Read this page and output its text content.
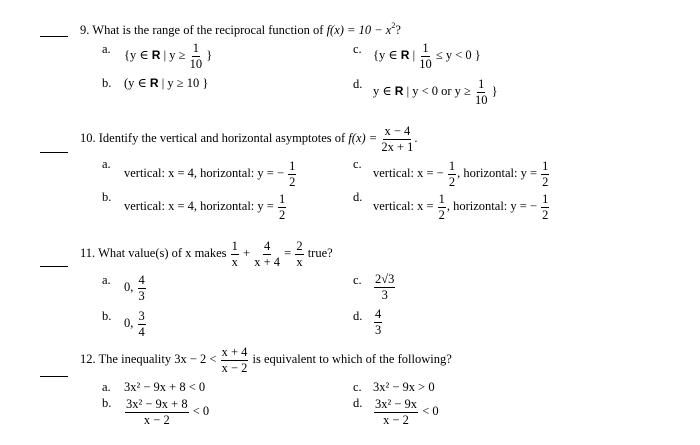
9. What is the range of the reciprocal function of $f(x) = 10 - x^2$?
a. {y ∈ R | $y \ge \frac{1}{10}$ }
b. (y ∈ R | y ≥ 10 }
c. {y ∈ R | $\frac{1}{10} \le y < 0$ }
d. y ∈ R | y < 0 or $y \ge \frac{1}{10}$ }
10. Identify the vertical and horizontal asymptotes of $f(x) = \frac{x - 4}{2x + 1}$ .
a.
vertical: x = 4, horizontal: y = − $\frac{1}{2}$
b.
vertical: x = 4, horizontal: $y = \frac{1}{2}$
c.
vertical: x = − $\frac{1}{2}$ , horizontal: $y = \frac{1}{2}$
d.
vertical: $x = \frac{1}{2}$ , horizontal: y = − $\frac{1}{2}$
11. What value(s) of x makes $\frac{1}{x} + \frac{4}{x + 4} = \frac{2}{x}$ true?
a. 0, $\frac{4}{3}$
b. 0, $\frac{3}{4}$
c. $\frac{2√3}{3}$
d. $\frac{4}{3}$
12. The inequality $3x - 2 < \frac{x + 4}{x - 2}$ is equivalent to which of the following?
a. 3x² − 9x + 8 < 0
b. $\frac{\text{3x² − 9x + 8}}{x - 2} < 0$
c. 3x² − 9x > 0
d. $\frac{\text{3x² − 9x}}{x - 2} < 0$
